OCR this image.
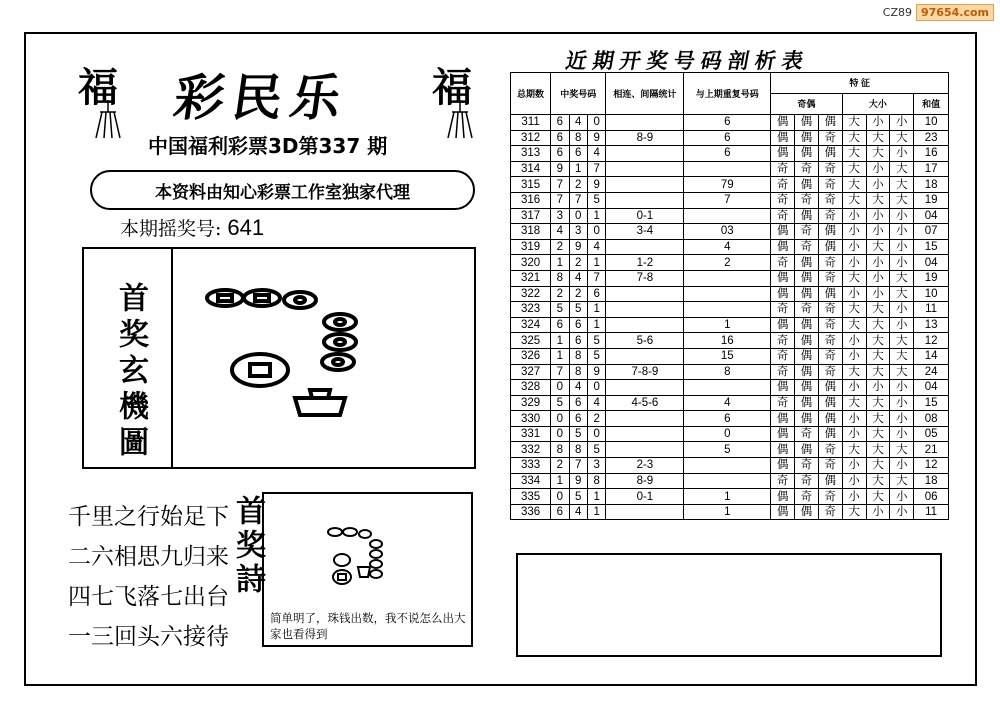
CZ89 97654.com
福	福
彩民乐
中国福利彩票3D第337 期
本资料由知心彩票工作室独家代理
本期摇奖号: 641
首奖玄機圖
千里之行始足下
二六相思九归来
四七飞落七出台
一三回头六接待
首奖詩
简单明了，珠钱出数，我不说怎么出大家也看得到
近期开奖号码剖析表
总期数	中奖号码			相连、间隔统计	与上期重复号码	特 征						
						奇偶			大小			和值
311	6	4	0		6	偶	偶	偶	大	小	小	10
312	6	8	9	8-9	6	偶	偶	奇	大	大	大	23
313	6	6	4		6	偶	偶	偶	大	大	小	16
314	9	1	7			奇	奇	奇	大	小	大	17
315	7	2	9		79	奇	偶	奇	大	小	大	18
316	7	7	5		7	奇	奇	奇	大	大	大	19
317	3	0	1	0-1		奇	偶	奇	小	小	小	04
318	4	3	0	3-4	03	偶	奇	偶	小	小	小	07
319	2	9	4		4	偶	奇	偶	小	大	小	15
320	1	2	1	1-2	2	奇	偶	奇	小	小	小	04
321	8	4	7	7-8		偶	偶	奇	大	小	大	19
322	2	2	6			偶	偶	偶	小	小	大	10
323	5	5	1			奇	奇	奇	大	大	小	11
324	6	6	1		1	偶	偶	奇	大	大	小	13
325	1	6	5	5-6	16	奇	偶	奇	小	大	大	12
326	1	8	5		15	奇	偶	奇	小	大	大	14
327	7	8	9	7-8-9	8	奇	偶	奇	大	大	大	24
328	0	4	0			偶	偶	偶	小	小	小	04
329	5	6	4	4-5-6	4	奇	偶	偶	大	大	小	15
330	0	6	2		6	偶	偶	偶	小	大	小	08
331	0	5	0		0	偶	奇	偶	小	大	小	05
332	8	8	5		5	偶	偶	奇	大	大	大	21
333	2	7	3	2-3		偶	奇	奇	小	大	小	12
334	1	9	8	8-9		奇	奇	偶	小	大	大	18
335	0	5	1	0-1	1	偶	奇	奇	小	大	小	06
336	6	4	1		1	偶	偶	奇	大	小	小	11
